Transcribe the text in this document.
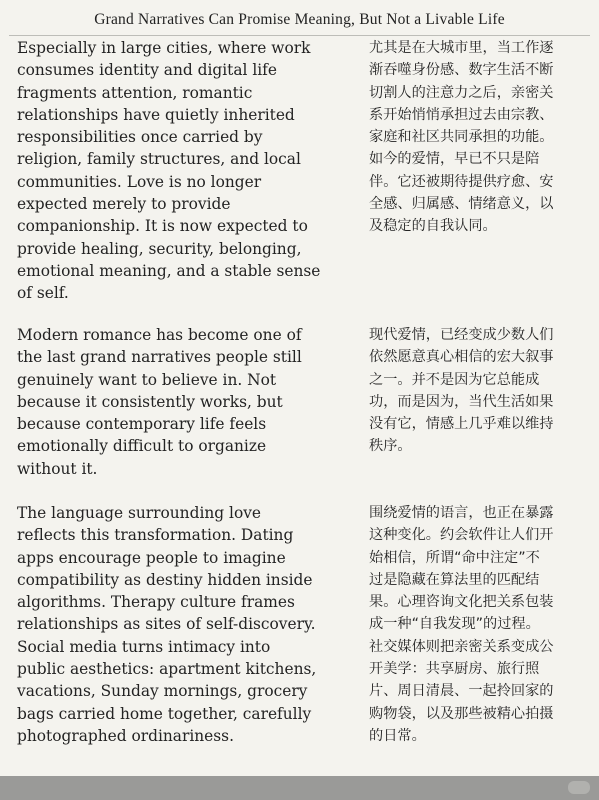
Grand Narratives Can Promise Meaning, But Not a Livable Life
Especially in large cities, where work
consumes identity and digital life
fragments attention, romantic
relationships have quietly inherited
responsibilities once carried by
religion, family structures, and local
communities. Love is no longer
expected merely to provide
companionship. It is now expected to
provide healing, security, belonging,
emotional meaning, and a stable sense
of self.
尤其是在大城市里，当工作逐
渐吞噬身份感、数字生活不断
切割人的注意力之后，亲密关
系开始悄悄承担过去由宗教、
家庭和社区共同承担的功能。
如今的爱情，早已不只是陪
伴。它还被期待提供疗愈、安
全感、归属感、情绪意义，以
及稳定的自我认同。
Modern romance has become one of
the last grand narratives people still
genuinely want to believe in. Not
because it consistently works, but
because contemporary life feels
emotionally difficult to organize
without it.
现代爱情，已经变成少数人们
依然愿意真心相信的宏大叙事
之一。并不是因为它总能成
功，而是因为，当代生活如果
没有它，情感上几乎难以维持
秩序。
The language surrounding love
reflects this transformation. Dating
apps encourage people to imagine
compatibility as destiny hidden inside
algorithms. Therapy culture frames
relationships as sites of self-discovery.
Social media turns intimacy into
public aesthetics: apartment kitchens,
vacations, Sunday mornings, grocery
bags carried home together, carefully
photographed ordinariness.
围绕爱情的语言，也正在暴露
这种变化。约会软件让人们开
始相信，所谓“命中注定”不
过是隐藏在算法里的匹配结
果。心理咨询文化把关系包装
成一种“自我发现”的过程。
社交媒体则把亲密关系变成公
开美学：共享厨房、旅行照
片、周日清晨、一起拎回家的
购物袋，以及那些被精心拍摄
的日常。
